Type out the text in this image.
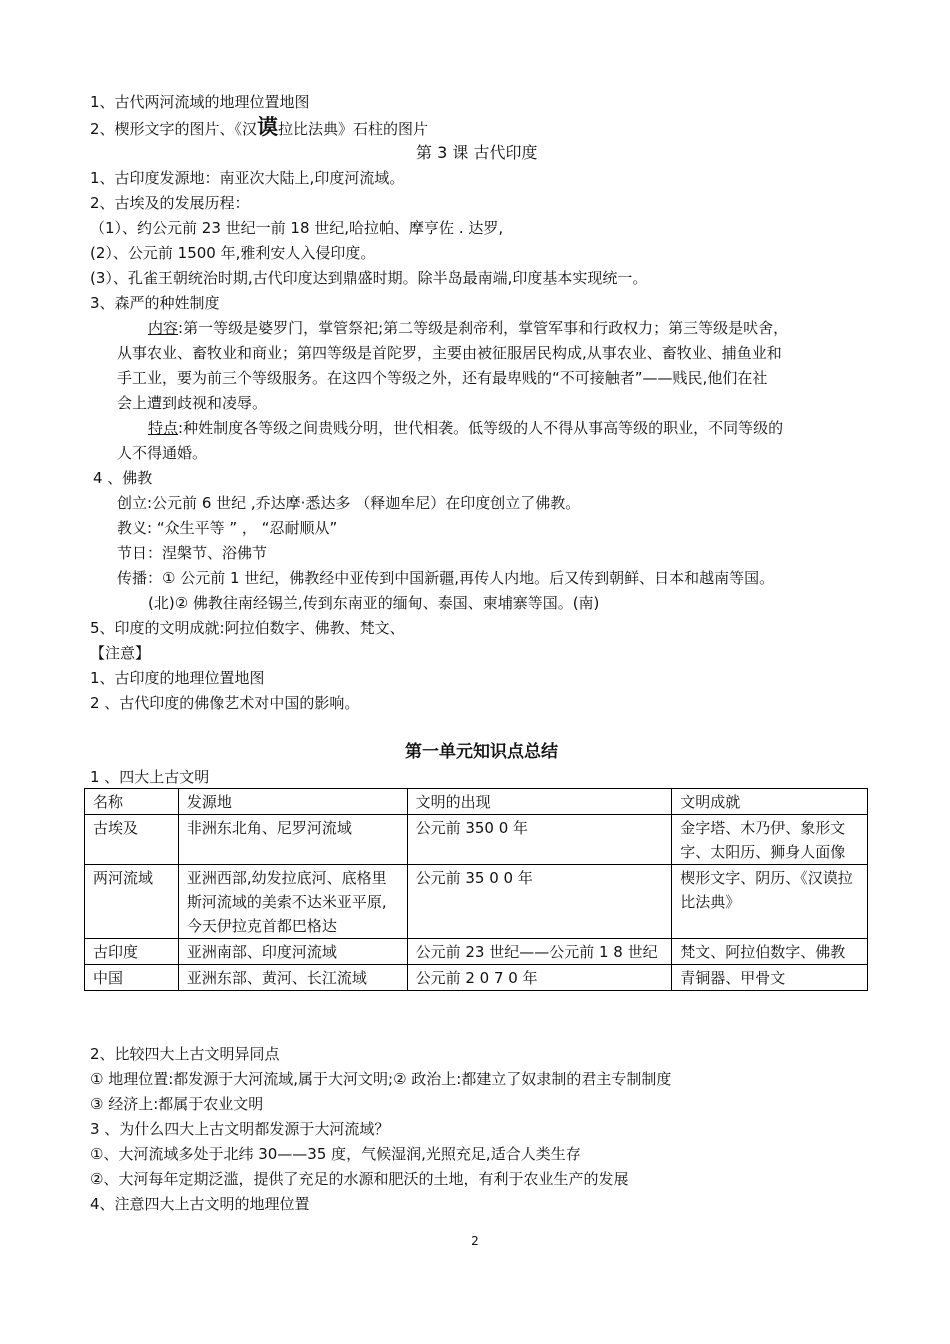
1、古代两河流域的地理位置地图
2、楔形文字的图片、《汉谟拉比法典》石柱的图片
第 3 课 古代印度
1、古印度发源地：南亚次大陆上,印度河流域。
2、古埃及的发展历程：
（1）、约公元前 23 世纪一前 18 世纪,哈拉帕、摩亨佐 . 达罗,
(2）、公元前 1500 年,雅利安人入侵印度。
(3）、孔雀王朝统治时期,古代印度达到鼎盛时期。除半岛最南端,印度基本实现统一。
3、森严的种姓制度
内容:第一等级是婆罗门，掌管祭祀;第二等级是刹帝利，掌管军事和行政权力；第三等级是吠舍，
从事农业、畜牧业和商业；第四等级是首陀罗，主要由被征服居民构成,从事农业、畜牧业、捕鱼业和
手工业，要为前三个等级服务。在这四个等级之外，还有最卑贱的“不可接触者”——贱民,他们在社
会上遭到歧视和凌辱。
特点:种姓制度各等级之间贵贱分明，世代相袭。低等级的人不得从事高等级的职业，不同等级的
人不得通婚。
4 、佛教
创立:公元前 6 世纪 ,乔达摩·悉达多 （释迦牟尼）在印度创立了佛教。
教义: “众生平等 ” ， “忍耐顺从”
节日：涅槃节、浴佛节
传播：① 公元前 1 世纪，佛教经中亚传到中国新疆,再传人内地。后又传到朝鲜、日本和越南等国。
(北)② 佛教往南经锡兰,传到东南亚的缅甸、泰国、柬埔寨等国。(南)
5、印度的文明成就:阿拉伯数字、佛教、梵文、
【注意】
1、古印度的地理位置地图
2 、古代印度的佛像艺术对中国的影响。
第一单元知识点总结
1 、四大上古文明
名称	发源地	文明的出现	文明成就
古埃及	非洲东北角、尼罗河流域	公元前 350 0 年	金字塔、木乃伊、象形文字、太阳历、狮身人面像
两河流域	亚洲西部,幼发拉底河、底格里斯河流域的美索不达米亚平原,今天伊拉克首都巴格达	公元前 35 0 0 年	楔形文字、阴历、《汉谟拉比法典》
古印度	亚洲南部、印度河流域	公元前 23 世纪——公元前 1 8 世纪	梵文、阿拉伯数字、佛教
中国	亚洲东部、黄河、长江流域	公元前 2 0 7 0 年	青铜器、甲骨文
2、比较四大上古文明异同点
① 地理位置:都发源于大河流域,属于大河文明;② 政治上:都建立了奴隶制的君主专制制度
③ 经济上:都属于农业文明
3 、为什么四大上古文明都发源于大河流域？
①、大河流域多处于北纬 30——35 度，气候湿润,光照充足,适合人类生存
②、大河每年定期泛滥，提供了充足的水源和肥沃的土地，有利于农业生产的发展
4、注意四大上古文明的地理位置
2
